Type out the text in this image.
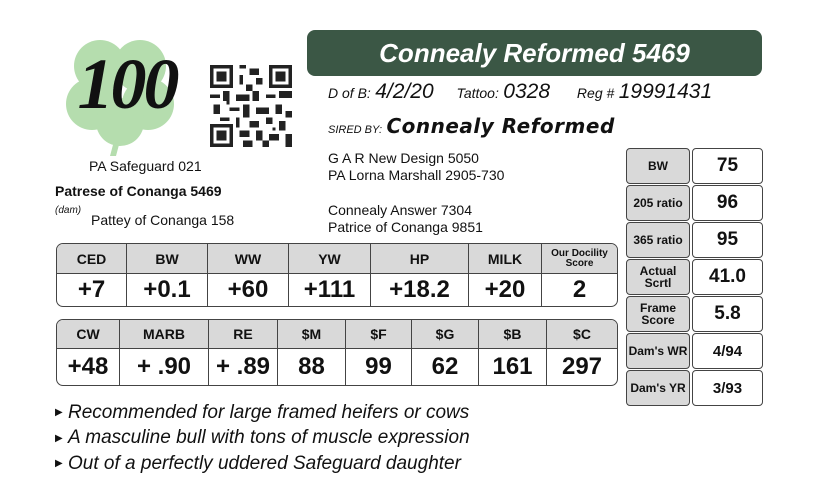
100	Connealy Reformed 5469
D of B: 4/2/20 Tattoo: 0328 Reg # 19991431
SIRED BY: Connealy Reformed
PA Safeguard 021
Patrese of Conanga 5469
(dam)
Pattey of Conanga 158
G A R New Design 5050
PA Lorna Marshall 2905-730
Connealy Answer 7304
Patrice of Conanga 9851
CED	BW	WW	YW	HP	MILK	Our Docility Score
+7	+0.1	+60	+111	+18.2	+20	2
CW	MARB	RE	$M	$F	$G	$B	$C
+48	+ .90	+ .89	88	99	62	161	297
BW	75
205 ratio	96
365 ratio	95
Actual Scrtl	41.0
Frame Score	5.8
Dam's WR	4/94
Dam's YR	3/93
▶ Recommended for large framed heifers or cows
▶ A masculine bull with tons of muscle expression
▶ Out of a perfectly uddered Safeguard daughter
